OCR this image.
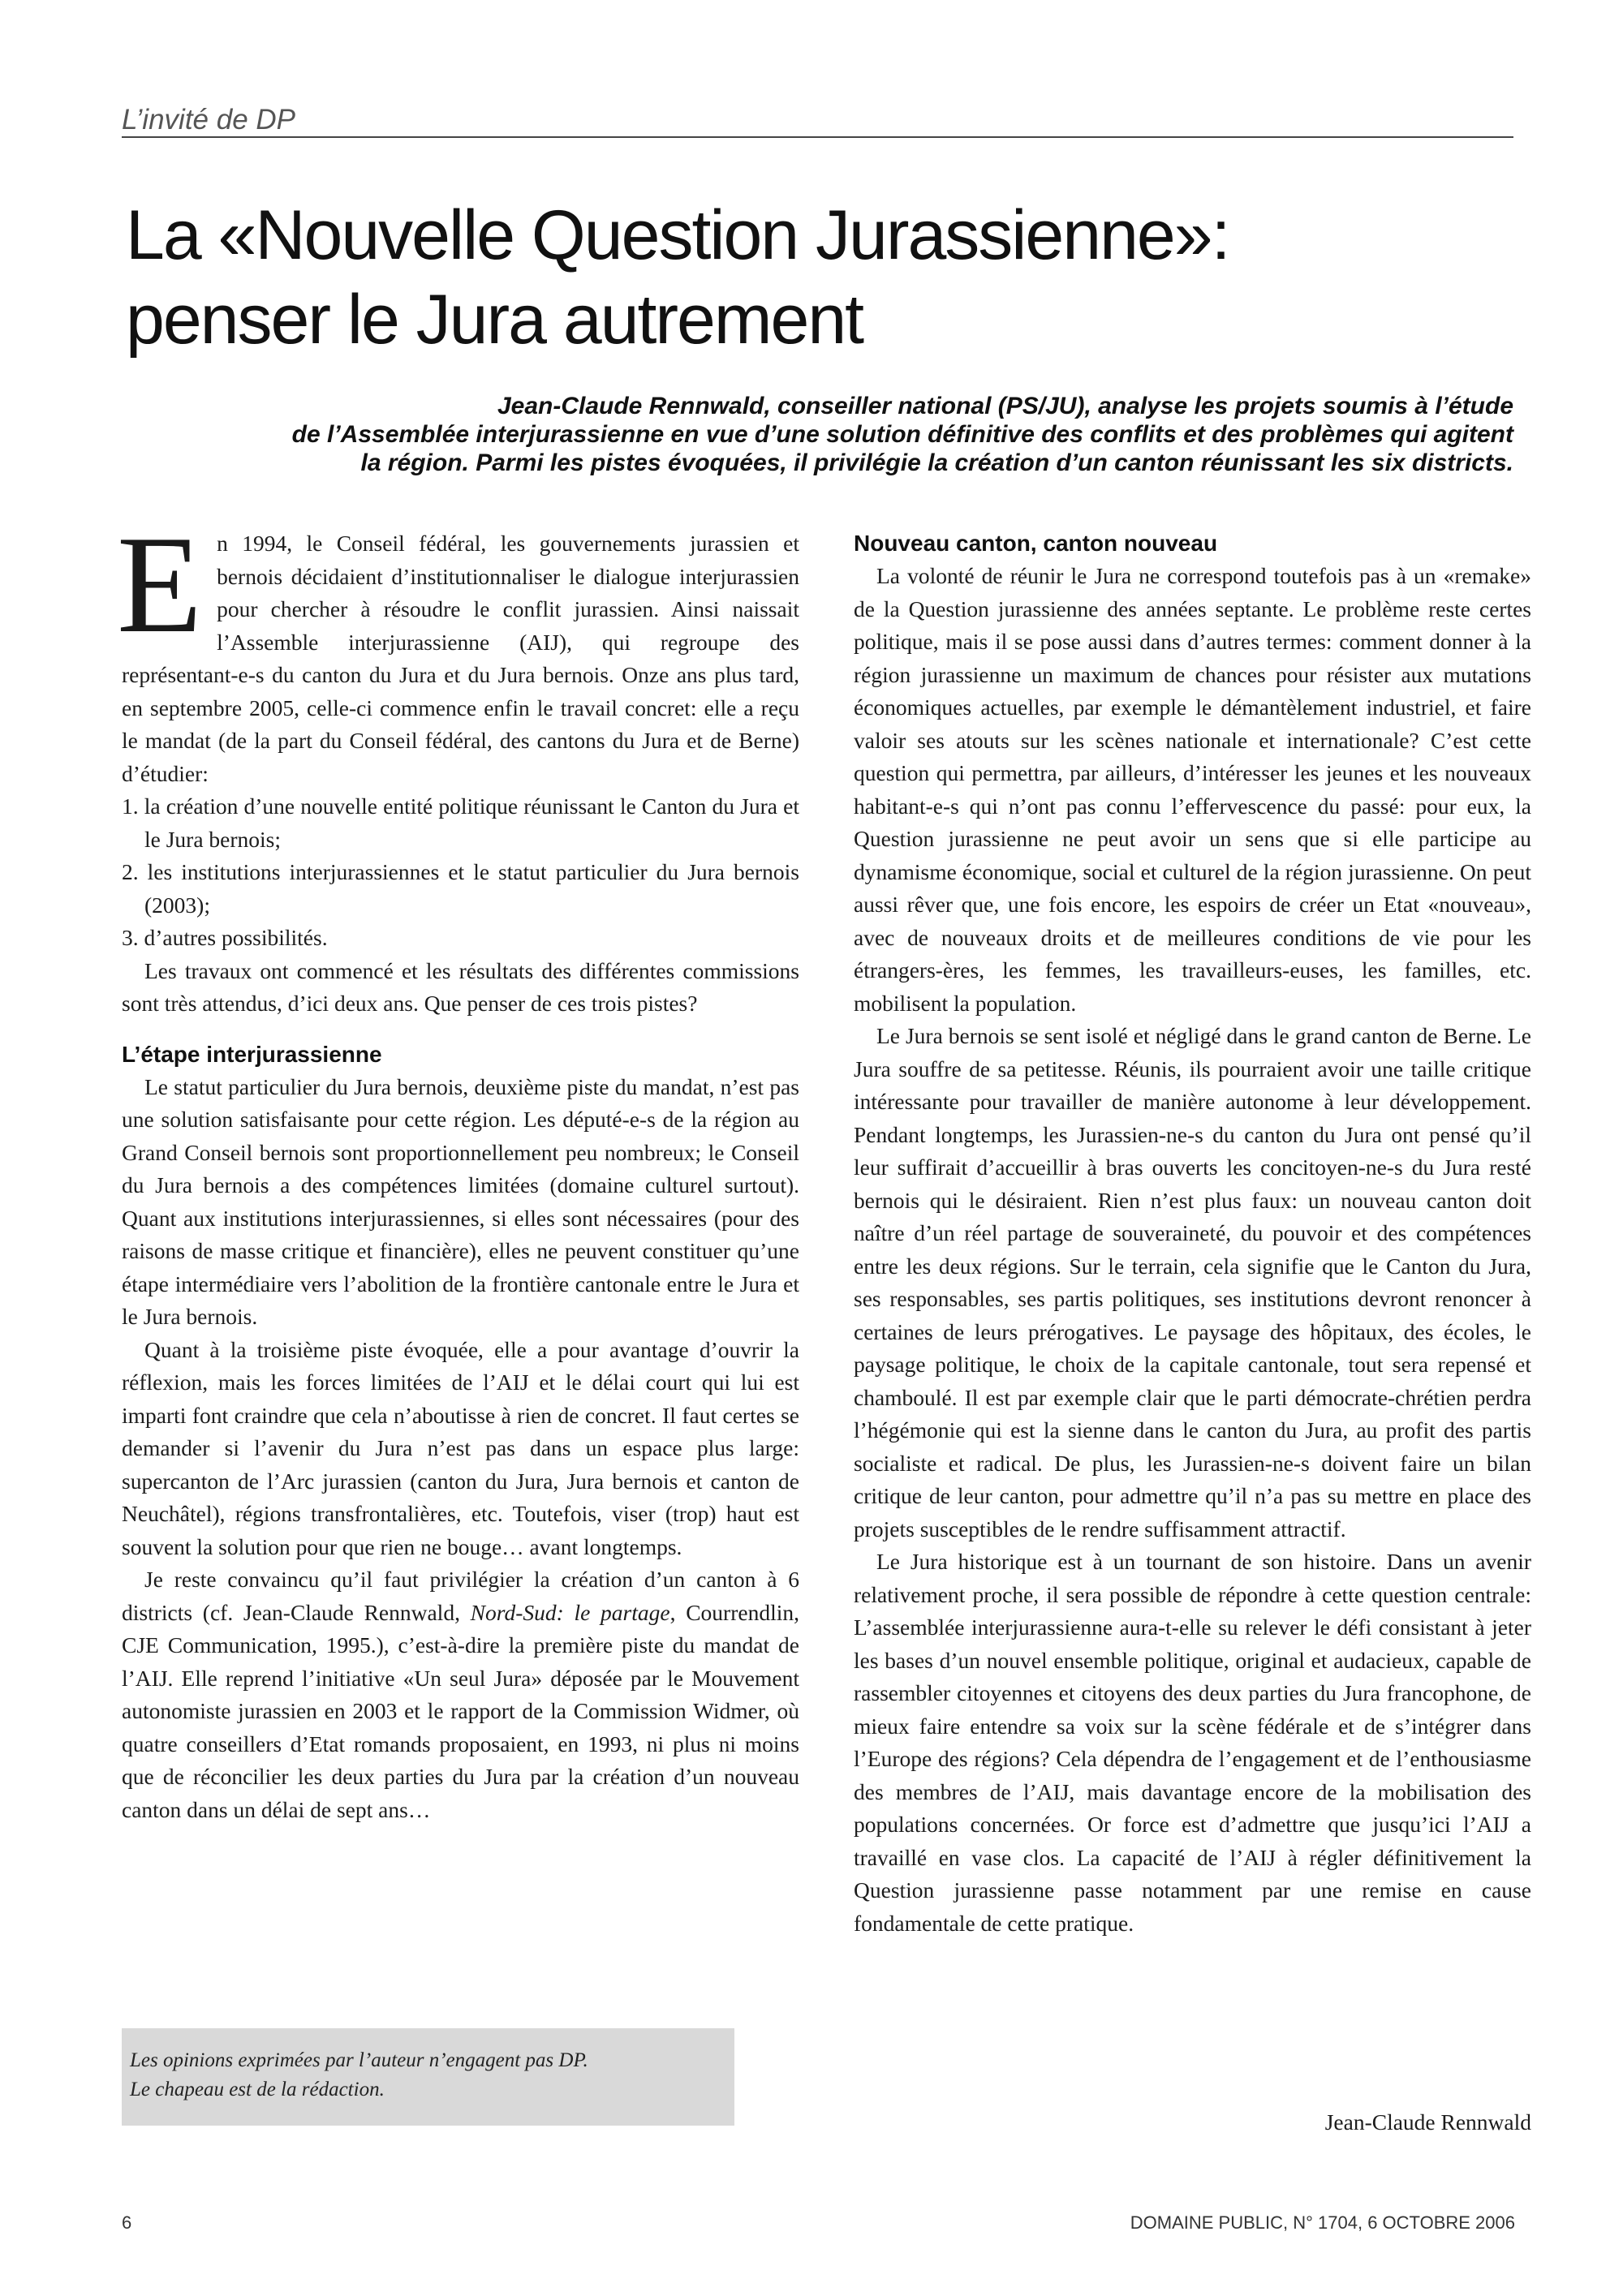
L’invité de DP
La «Nouvelle Question Jurassienne»:
penser le Jura autrement
Jean-Claude Rennwald, conseiller national (PS/JU), analyse les projets soumis à l’étude
de l’Assemblée interjurassienne en vue d’une solution définitive des conflits et des problèmes qui agitent
la région. Parmi les pistes évoquées, il privilégie la création d’un canton réunissant les six districts.

En 1994, le Conseil fédéral, les gouvernements jurassien et bernois décidaient d’institutionnaliser le dialogue interjurassien pour chercher à résoudre le conflit jurassien. Ainsi naissait l’Assemble interjurassienne (AIJ), qui regroupe des représentant-e-s du canton du Jura et du Jura bernois. Onze ans plus tard, en septembre 2005, celle-ci commence enfin le travail concret: elle a reçu le mandat (de la part du Conseil fédéral, des cantons du Jura et de Berne) d’étudier:

1. la création d’une nouvelle entité politique réunissant le Canton du Jura et le Jura bernois;
2. les institutions interjurassiennes et le statut particulier du Jura bernois (2003);
3. d’autres possibilités.

Les travaux ont commencé et les résultats des différentes commissions sont très attendus, d’ici deux ans. Que penser de ces trois pistes?

L’étape interjurassienne

Le statut particulier du Jura bernois, deuxième piste du mandat, n’est pas une solution satisfaisante pour cette région. Les député-e-s de la région au Grand Conseil bernois sont proportionnellement peu nombreux; le Conseil du Jura bernois a des compétences limitées (domaine culturel surtout). Quant aux institutions interjurassiennes, si elles sont nécessaires (pour des raisons de masse critique et financière), elles ne peuvent constituer qu’une étape intermédiaire vers l’abolition de la frontière cantonale entre le Jura et le Jura bernois.

Quant à la troisième piste évoquée, elle a pour avantage d’ouvrir la réflexion, mais les forces limitées de l’AIJ et le délai court qui lui est imparti font craindre que cela n’aboutisse à rien de concret. Il faut certes se demander si l’avenir du Jura n’est pas dans un espace plus large: supercanton de l’Arc jurassien (canton du Jura, Jura bernois et canton de Neuchâtel), régions transfrontalières, etc. Toutefois, viser (trop) haut est souvent la solution pour que rien ne bouge… avant longtemps.

Je reste convaincu qu’il faut privilégier la création d’un canton à 6 districts (cf. Jean-Claude Rennwald, Nord-Sud: le partage, Courrendlin, CJE Communication, 1995.), c’est-à-dire la première piste du mandat de l’AIJ. Elle reprend l’initiative «Un seul Jura» déposée par le Mouvement autonomiste jurassien en 2003 et le rapport de la Commission Widmer, où quatre conseillers d’Etat romands proposaient, en 1993, ni plus ni moins que de réconcilier les deux parties du Jura par la création d’un nouveau canton dans un délai de sept ans…

Les opinions exprimées par l’auteur n’engagent pas DP.
Le chapeau est de la rédaction.
Nouveau canton, canton nouveau

La volonté de réunir le Jura ne correspond toutefois pas à un «remake» de la Question jurassienne des années septante. Le problème reste certes politique, mais il se pose aussi dans d’autres termes: comment donner à la région jurassienne un maximum de chances pour résister aux mutations économiques actuelles, par exemple le démantèlement industriel, et faire valoir ses atouts sur les scènes nationale et internationale? C’est cette question qui permettra, par ailleurs, d’intéresser les jeunes et les nouveaux habitant-e-s qui n’ont pas connu l’effervescence du passé: pour eux, la Question jurassienne ne peut avoir un sens que si elle participe au dynamisme économique, social et culturel de la région jurassienne. On peut aussi rêver que, une fois encore, les espoirs de créer un Etat «nouveau», avec de nouveaux droits et de meilleures conditions de vie pour les étrangers-ères, les femmes, les travailleurs-euses, les familles, etc. mobilisent la population.

Le Jura bernois se sent isolé et négligé dans le grand canton de Berne. Le Jura souffre de sa petitesse. Réunis, ils pourraient avoir une taille critique intéressante pour travailler de manière autonome à leur développement. Pendant longtemps, les Jurassien-ne-s du canton du Jura ont pensé qu’il leur suffirait d’accueillir à bras ouverts les concitoyen-ne-s du Jura resté bernois qui le désiraient. Rien n’est plus faux: un nouveau canton doit naître d’un réel partage de souveraineté, du pouvoir et des compétences entre les deux régions. Sur le terrain, cela signifie que le Canton du Jura, ses responsables, ses partis politiques, ses institutions devront renoncer à certaines de leurs prérogatives. Le paysage des hôpitaux, des écoles, le paysage politique, le choix de la capitale cantonale, tout sera repensé et chamboulé. Il est par exemple clair que le parti démocrate-chrétien perdra l’hégémonie qui est la sienne dans le canton du Jura, au profit des partis socialiste et radical. De plus, les Jurassien-ne-s doivent faire un bilan critique de leur canton, pour admettre qu’il n’a pas su mettre en place des projets susceptibles de le rendre suffisamment attractif.

Le Jura historique est à un tournant de son histoire. Dans un avenir relativement proche, il sera possible de répondre à cette question centrale: L’assemblée interjurassienne aura-t-elle su relever le défi consistant à jeter les bases d’un nouvel ensemble politique, original et audacieux, capable de rassembler citoyennes et citoyens des deux parties du Jura francophone, de mieux faire entendre sa voix sur la scène fédérale et de s’intégrer dans l’Europe des régions? Cela dépendra de l’engagement et de l’enthousiasme des membres de l’AIJ, mais davantage encore de la mobilisation des populations concernées. Or force est d’admettre que jusqu’ici l’AIJ a travaillé en vase clos. La capacité de l’AIJ à régler définitivement la Question jurassienne passe notamment par une remise en cause fondamentale de cette pratique.

Jean-Claude Rennwald
6	DOMAINE PUBLIC, N° 1704, 6 OCTOBRE 2006
